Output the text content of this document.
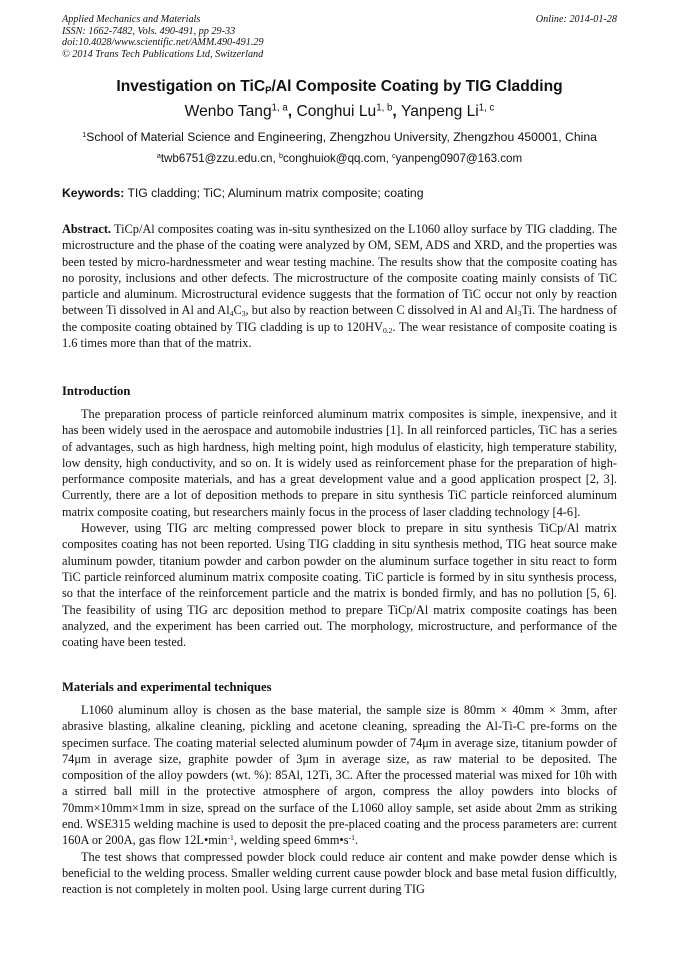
Applied Mechanics and Materials
ISSN: 1662-7482, Vols. 490-491, pp 29-33
doi:10.4028/www.scientific.net/AMM.490-491.29
© 2014 Trans Tech Publications Ltd, Switzerland
Online: 2014-01-28
Investigation on TiC$_P$/Al Composite Coating by TIG Cladding
Wenbo Tang$^{1, a}$, Conghui Lu$^{1, b}$, Yanpeng Li$^{1, c}$
$^1$School of Material Science and Engineering, Zhengzhou University, Zhengzhou 450001, China
$^a$twb6751@zzu.edu.cn, $^b$conghuiok@qq.com, $^c$yanpeng0907@163.com
Keywords: TIG cladding; TiC; Aluminum matrix composite; coating

Abstract. TiCp/Al composites coating was in-situ synthesized on the L1060 alloy surface by TIG cladding. The microstructure and the phase of the coating were analyzed by OM, SEM, ADS and XRD, and the properties was been tested by micro-hardnessmeter and wear testing machine. The results show that the composite coating has no porosity, inclusions and other defects. The microstructure of the composite coating mainly consists of TiC particle and aluminum. Microstructural evidence suggests that the formation of TiC occur not only by reaction between Ti dissolved in Al and $Al_4C_3$, but also by reaction between C dissolved in Al and $Al_3Ti$. The hardness of the composite coating obtained by TIG cladding is up to $120HV_{0.2}$. The wear resistance of composite coating is 1.6 times more than that of the matrix.

Introduction

The preparation process of particle reinforced aluminum matrix composites is simple, inexpensive, and it has been widely used in the aerospace and automobile industries [1]. In all reinforced particles, TiC has a series of advantages, such as high hardness, high melting point, high modulus of elasticity, high temperature stability, low density, high conductivity, and so on. It is widely used as reinforcement phase for the preparation of high-performance composite materials, and has a great development value and a good application prospect [2, 3]. Currently, there are a lot of deposition methods to prepare in situ synthesis TiC particle reinforced aluminum matrix composite coating, but researchers mainly focus in the process of laser cladding technology [4-6].

However, using TIG arc melting compressed power block to prepare in situ synthesis TiCp/Al matrix composites coating has not been reported. Using TIG cladding in situ synthesis method, TIG heat source make aluminum powder, titanium powder and carbon powder on the aluminum surface together in situ react to form TiC particle reinforced aluminum matrix composite coating. TiC particle is formed by in situ synthesis process, so that the interface of the reinforcement particle and the matrix is bonded firmly, and has no pollution [5, 6]. The feasibility of using TIG arc deposition method to prepare TiCp/Al matrix composite coatings has been analyzed, and the experiment has been carried out. The morphology, microstructure, and performance of the coating have been tested.

Materials and experimental techniques

L1060 aluminum alloy is chosen as the base material, the sample size is 80mm × 40mm × 3mm, after abrasive blasting, alkaline cleaning, pickling and acetone cleaning, spreading the Al-Ti-C pre-forms on the specimen surface. The coating material selected aluminum powder of 74μm in average size, titanium powder of 74μm in average size, graphite powder of 3μm in average size, as raw material to be deposited. The composition of the alloy powders (wt. %): 85Al, 12Ti, 3C. After the processed material was mixed for 10h with a stirred ball mill in the protective atmosphere of argon, compress the alloy powders into blocks of 70mm×10mm×1mm in size, spread on the surface of the L1060 alloy sample, set aside about 2mm as striking end. WSE315 welding machine is used to deposit the pre-placed coating and the process parameters are: current 160A or 200A, gas flow $12L•\min^{-1}$, welding speed $6mm•s^{-1}$.

The test shows that compressed powder block could reduce air content and make powder dense which is beneficial to the welding process. Smaller welding current cause powder block and base metal fusion difficultly, reaction is not completely in molten pool. Using large current during TIG
